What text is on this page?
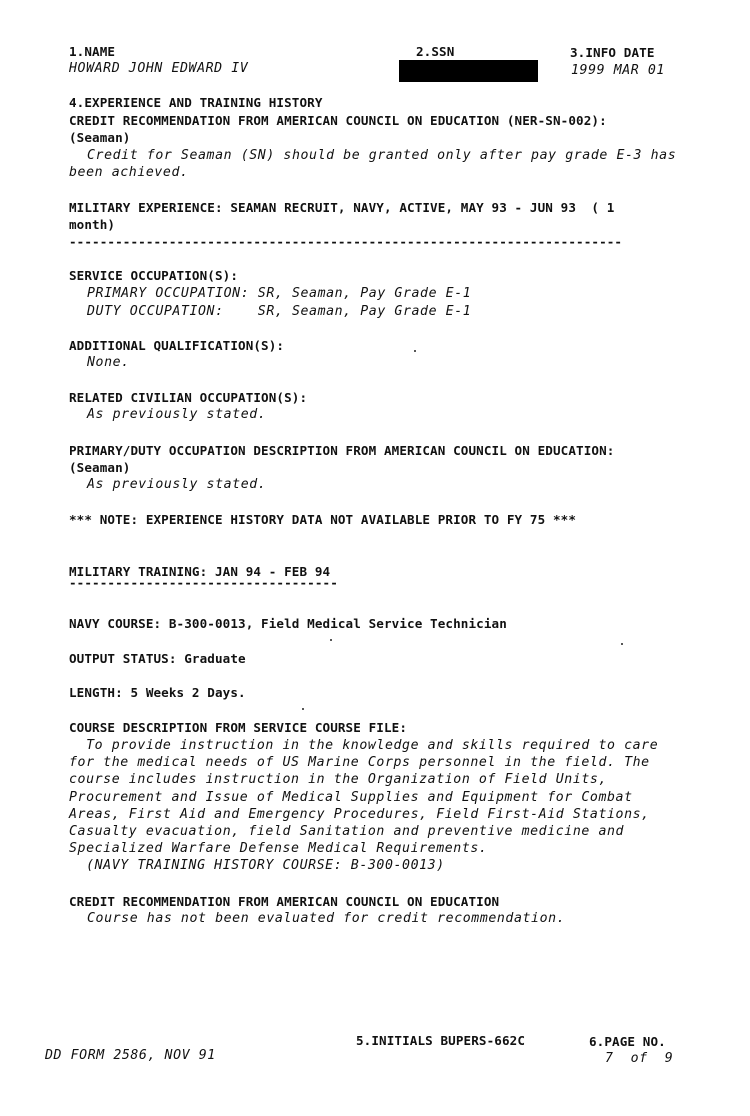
1.NAME
HOWARD JOHN EDWARD IV
2.SSN	3.INFO DATE
1999 MAR 01
4.EXPERIENCE AND TRAINING HISTORY
CREDIT RECOMMENDATION FROM AMERICAN COUNCIL ON EDUCATION (NER-SN-002):
(Seaman)
Credit for Seaman (SN) should be granted only after pay grade E-3 has
been achieved.
MILITARY EXPERIENCE: SEAMAN RECRUIT, NAVY, ACTIVE, MAY 93 - JUN 93  ( 1
month)
------------------------------------------------------------------------
SERVICE OCCUPATION(S):
PRIMARY OCCUPATION: SR, Seaman, Pay Grade E-1
DUTY OCCUPATION:    SR, Seaman, Pay Grade E-1
ADDITIONAL QUALIFICATION(S):
None.
RELATED CIVILIAN OCCUPATION(S):
As previously stated.
PRIMARY/DUTY OCCUPATION DESCRIPTION FROM AMERICAN COUNCIL ON EDUCATION:
(Seaman)
As previously stated.
*** NOTE: EXPERIENCE HISTORY DATA NOT AVAILABLE PRIOR TO FY 75 ***
MILITARY TRAINING: JAN 94 - FEB 94
-----------------------------------
NAVY COURSE: B-300-0013, Field Medical Service Technician
OUTPUT STATUS: Graduate
LENGTH: 5 Weeks 2 Days.
COURSE DESCRIPTION FROM SERVICE COURSE FILE:
To provide instruction in the knowledge and skills required to care
for the medical needs of US Marine Corps personnel in the field. The
course includes instruction in the Organization of Field Units,
Procurement and Issue of Medical Supplies and Equipment for Combat
Areas, First Aid and Emergency Procedures, Field First-Aid Stations,
Casualty evacuation, field Sanitation and preventive medicine and
Specialized Warfare Defense Medical Requirements.
(NAVY TRAINING HISTORY COURSE: B-300-0013)
CREDIT RECOMMENDATION FROM AMERICAN COUNCIL ON EDUCATION
Course has not been evaluated for credit recommendation.
DD FORM 2586, NOV 91
5.INITIALS BUPERS-662C	6.PAGE NO.
7  of  9
